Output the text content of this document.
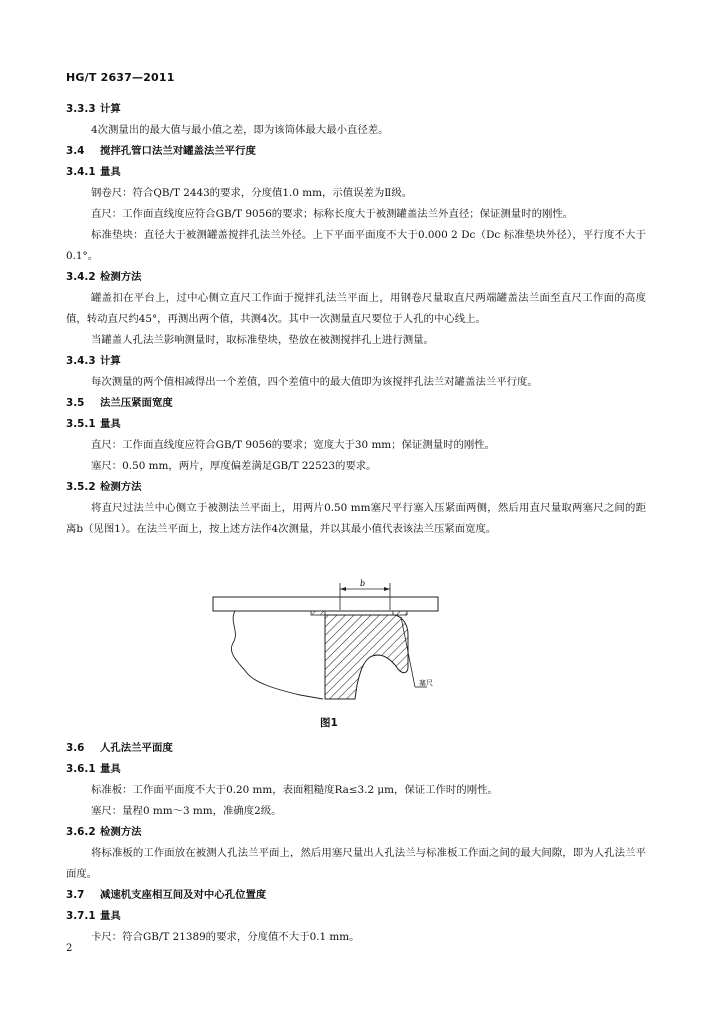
HG/T 2637—2011
3.3.3 计算

4次测量出的最大值与最小值之差，即为该筒体最大最小直径差。

3.4 搅拌孔管口法兰对罐盖法兰平行度
3.4.1 量具

钢卷尺：符合QB/T 2443的要求，分度值1.0 mm，示值误差为Ⅱ级。

直尺：工作面直线度应符合GB/T 9056的要求；标称长度大于被测罐盖法兰外直径；保证测量时的刚性。

标准垫块：直径大于被测罐盖搅拌孔法兰外径。上下平面平面度不大于0.000 2 Dc（Dc 标准垫块外径），平行度不大于0.1°。

3.4.2 检测方法

罐盖扣在平台上，过中心侧立直尺工作面于搅拌孔法兰平面上，用钢卷尺量取直尺两端罐盖法兰面至直尺工作面的高度值，转动直尺约45°，再测出两个值，共测4次。其中一次测量直尺要位于人孔的中心线上。

当罐盖人孔法兰影响测量时，取标准垫块，垫放在被测搅拌孔上进行测量。

3.4.3 计算

每次测量的两个值相减得出一个差值，四个差值中的最大值即为该搅拌孔法兰对罐盖法兰平行度。

3.5 法兰压紧面宽度
3.5.1 量具

直尺：工作面直线度应符合GB/T 9056的要求；宽度大于30 mm；保证测量时的刚性。

塞尺：0.50 mm，两片，厚度偏差满足GB/T 22523的要求。

3.5.2 检测方法

将直尺过法兰中心侧立于被测法兰平面上，用两片0.50 mm塞尺平行塞入压紧面两侧，然后用直尺量取两塞尺之间的距离b（见图1）。在法兰平面上，按上述方法作4次测量，并以其最小值代表该法兰压紧面宽度。

b
塞尺
图1
3.6 人孔法兰平面度
3.6.1 量具

标准板：工作面平面度不大于0.20 mm，表面粗糙度Ra≤3.2 μm，保证工作时的刚性。

塞尺：量程0 mm～3 mm，准确度2级。

3.6.2 检测方法

将标准板的工作面放在被测人孔法兰平面上，然后用塞尺量出人孔法兰与标准板工作面之间的最大间隙，即为人孔法兰平面度。

3.7 减速机支座相互间及对中心孔位置度
3.7.1 量具

卡尺：符合GB/T 21389的要求，分度值不大于0.1 mm。

2
